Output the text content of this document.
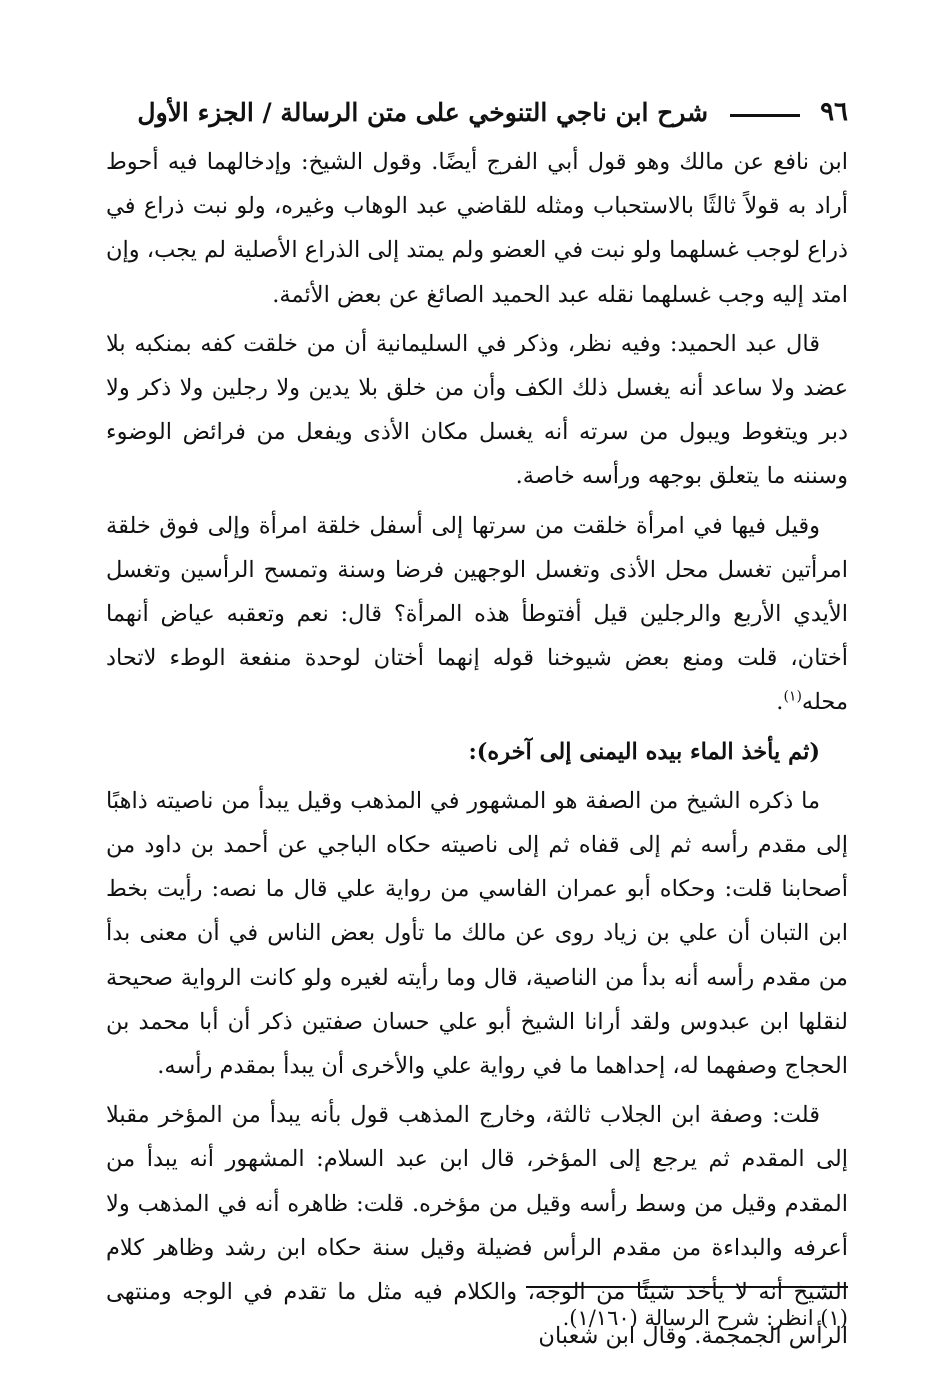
٩٦
شرح ابن ناجي التنوخي على متن الرسالة / الجزء الأول

ابن نافع عن مالك وهو قول أبي الفرج أيضًا. وقول الشيخ: وإدخالهما فيه أحوط أراد به قولاً ثالثًا بالاستحباب ومثله للقاضي عبد الوهاب وغيره، ولو نبت ذراع في ذراع لوجب غسلهما ولو نبت في العضو ولم يمتد إلى الذراع الأصلية لم يجب، وإن امتد إليه وجب غسلهما نقله عبد الحميد الصائغ عن بعض الأئمة.

قال عبد الحميد: وفيه نظر، وذكر في السليمانية أن من خلقت كفه بمنكبه بلا عضد ولا ساعد أنه يغسل ذلك الكف وأن من خلق بلا يدين ولا رجلين ولا ذكر ولا دبر ويتغوط ويبول من سرته أنه يغسل مكان الأذى ويفعل من فرائض الوضوء وسننه ما يتعلق بوجهه ورأسه خاصة.

وقيل فيها في امرأة خلقت من سرتها إلى أسفل خلقة امرأة وإلى فوق خلقة امرأتين تغسل محل الأذى وتغسل الوجهين فرضا وسنة وتمسح الرأسين وتغسل الأيدي الأربع والرجلين قيل أفتوطأ هذه المرأة؟ قال: نعم وتعقبه عياض أنهما أختان، قلت ومنع بعض شيوخنا قوله إنهما أختان لوحدة منفعة الوطء لاتحاد محله$^{(١)}$.

(ثم يأخذ الماء بيده اليمنى إلى آخره):

ما ذكره الشيخ من الصفة هو المشهور في المذهب وقيل يبدأ من ناصيته ذاهبًا إلى مقدم رأسه ثم إلى قفاه ثم إلى ناصيته حكاه الباجي عن أحمد بن داود من أصحابنا قلت: وحكاه أبو عمران الفاسي من رواية علي قال ما نصه: رأيت بخط ابن التبان أن علي بن زياد روى عن مالك ما تأول بعض الناس في أن معنى بدأ من مقدم رأسه أنه بدأ من الناصية، قال وما رأيته لغيره ولو كانت الرواية صحيحة لنقلها ابن عبدوس ولقد أرانا الشيخ أبو علي حسان صفتين ذكر أن أبا محمد بن الحجاج وصفهما له، إحداهما ما في رواية علي والأخرى أن يبدأ بمقدم رأسه.

قلت: وصفة ابن الجلاب ثالثة، وخارج المذهب قول بأنه يبدأ من المؤخر مقبلا إلى المقدم ثم يرجع إلى المؤخر، قال ابن عبد السلام: المشهور أنه يبدأ من المقدم وقيل من وسط رأسه وقيل من مؤخره. قلت: ظاهره أنه في المذهب ولا أعرفه والبداءة من مقدم الرأس فضيلة وقيل سنة حكاه ابن رشد وظاهر كلام الشيخ أنه لا يأخذ شيئًا من الوجه، والكلام فيه مثل ما تقدم في الوجه ومنتهى الرأس الجمجمة. وقال ابن شعبان

(١) انظر: شرح الرسالة (١/١٦٠).
